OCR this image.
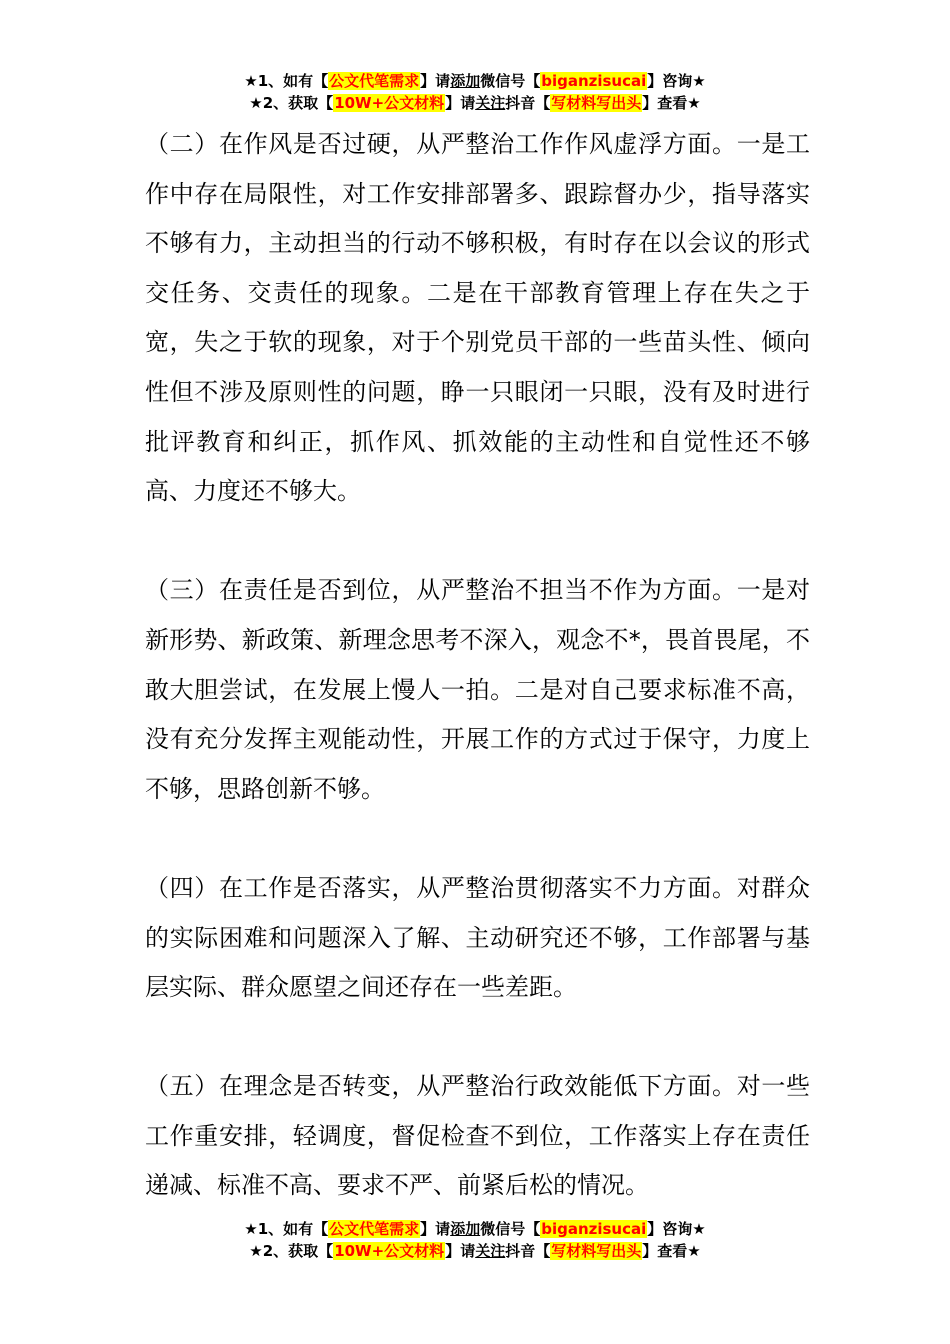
★1、如有【公文代笔需求】请添加微信号【biganzisucai】咨询★
★2、获取【10W+公文材料】请关注抖音【写材料写出头】查看★

（二）在作风是否过硬，从严整治工作作风虚浮方面。一是工作中存在局限性，对工作安排部署多、跟踪督办少，指导落实不够有力，主动担当的行动不够积极，有时存在以会议的形式交任务、交责任的现象。二是在干部教育管理上存在失之于宽，失之于软的现象，对于个别党员干部的一些苗头性、倾向性但不涉及原则性的问题，睁一只眼闭一只眼，没有及时进行批评教育和纠正，抓作风、抓效能的主动性和自觉性还不够高、力度还不够大。

（三）在责任是否到位，从严整治不担当不作为方面。一是对新形势、新政策、新理念思考不深入，观念不*，畏首畏尾，不敢大胆尝试，在发展上慢人一拍。二是对自己要求标准不高，没有充分发挥主观能动性，开展工作的方式过于保守，力度上不够，思路创新不够。

（四）在工作是否落实，从严整治贯彻落实不力方面。对群众的实际困难和问题深入了解、主动研究还不够，工作部署与基层实际、群众愿望之间还存在一些差距。

（五）在理念是否转变，从严整治行政效能低下方面。对一些工作重安排，轻调度，督促检查不到位，工作落实上存在责任递减、标准不高、要求不严、前紧后松的情况。

★1、如有【公文代笔需求】请添加微信号【biganzisucai】咨询★
★2、获取【10W+公文材料】请关注抖音【写材料写出头】查看★
